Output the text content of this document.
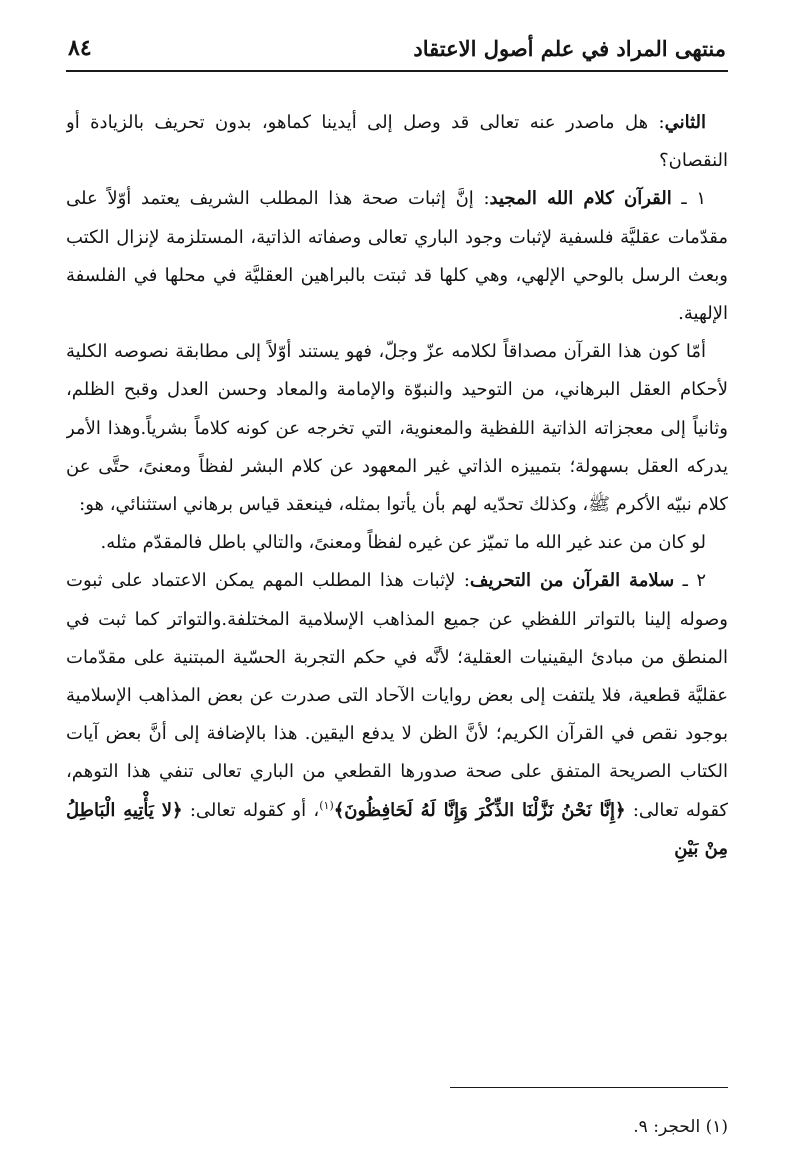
منتهى المراد في علم أصول الاعتقاد
٨٤

الثاني: هل ماصدر عنه تعالى قد وصل إلى أيدينا كماهو، بدون تحريف بالزيادة أو النقصان؟

١ ـ القرآن كلام الله المجيد: إنَّ إثبات صحة هذا المطلب الشريف يعتمد أوّلاً على مقدّمات عقليَّة فلسفية لإثبات وجود الباري تعالى وصفاته الذاتية، المستلزمة لإنزال الكتب وبعث الرسل بالوحي الإلهي، وهي كلها قد ثبتت بالبراهين العقليَّة في محلها في الفلسفة الإلهية.

أمّا كون هذا القرآن مصداقاً لكلامه عزّ وجلّ، فهو يستند أوّلاً إلى مطابقة نصوصه الكلية لأحكام العقل البرهاني، من التوحيد والنبوّة والإمامة والمعاد وحسن العدل وقبح الظلم، وثانياً إلى معجزاته الذاتية اللفظية والمعنوية، التي تخرجه عن كونه كلاماً بشرياً.وهذا الأمر يدركه العقل بسهولة؛ بتمييزه الذاتي غير المعهود عن كلام البشر لفظاً ومعنىً، حتَّى عن كلام نبيّه الأكرم ﷺ، وكذلك تحدّيه لهم بأن يأتوا بمثله، فينعقد قياس برهاني استثنائي، هو:

لو كان من عند غير الله ما تميّز عن غيره لفظاً ومعنىً، والتالي باطل فالمقدّم مثله.

٢ ـ سلامة القرآن من التحريف: لإثبات هذا المطلب المهم يمكن الاعتماد على ثبوت وصوله إلينا بالتواتر اللفظي عن جميع المذاهب الإسلامية المختلفة.والتواتر كما ثبت في المنطق من مبادئ اليقينيات العقلية؛ لأنَّه في حكم التجربة الحسّية المبتنية على مقدّمات عقليَّة قطعية، فلا يلتفت إلى بعض روايات الآحاد التى صدرت عن بعض المذاهب الإسلامية بوجود نقص في القرآن الكريم؛ لأنَّ الظن لا يدفع اليقين. هذا بالإضافة إلى أنَّ بعض آيات الكتاب الصريحة المتفق على صحة صدورها القطعي من الباري تعالى تنفي هذا التوهم، كقوله تعالى: ﴿إِنَّا نَحْنُ نَزَّلْنَا الذِّكْرَ وَإِنَّا لَهُ لَحَافِظُونَ﴾$^{(١)}$، أو كقوله تعالى: ﴿لا يَأْتِيهِ الْبَاطِلُ مِنْ بَيْنِ

(١) الحجر: ٩.
